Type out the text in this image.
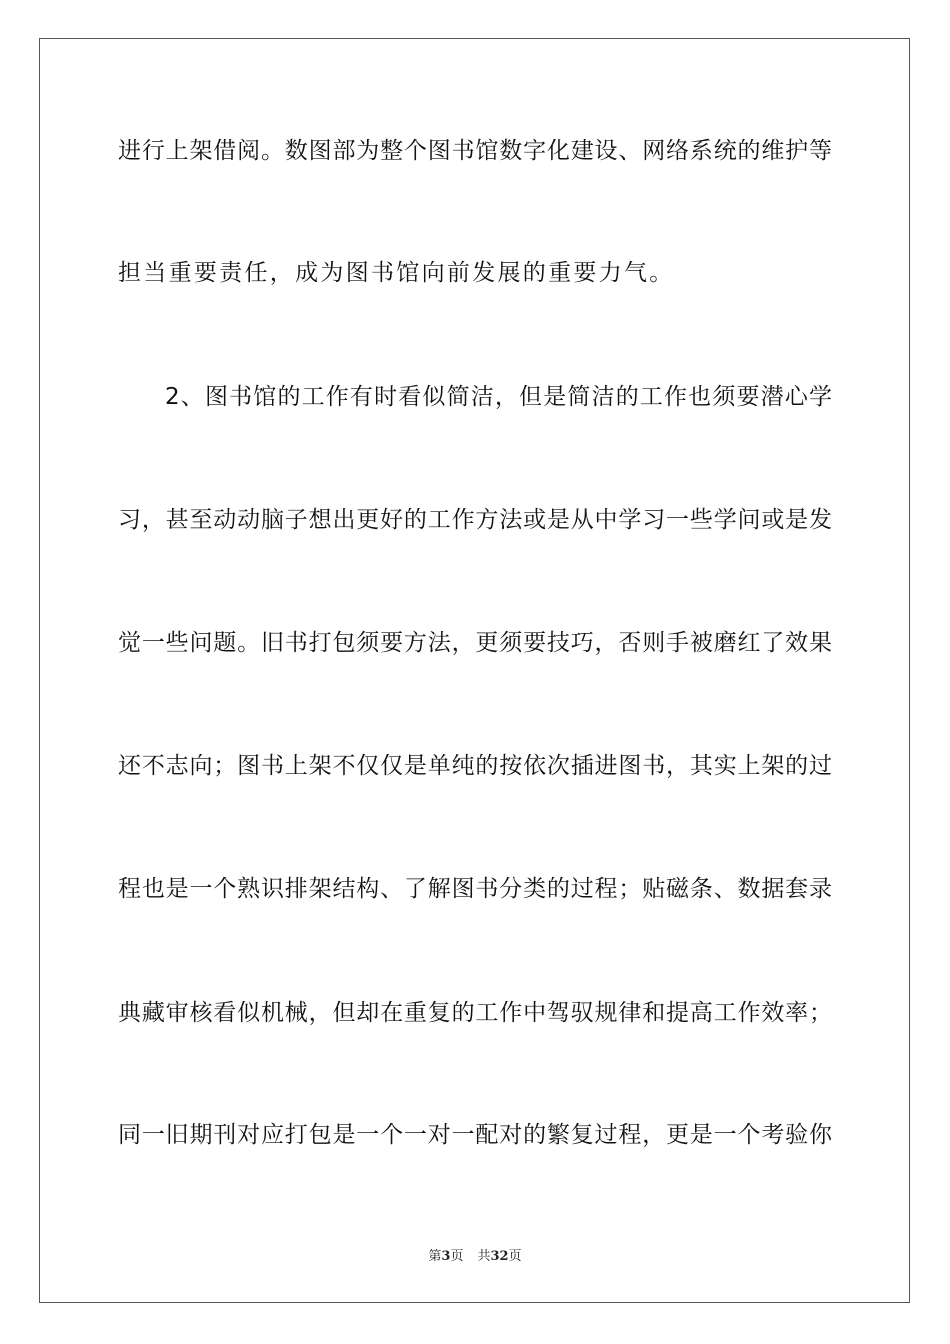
进行上架借阅。数图部为整个图书馆数字化建设、网络系统的维护等
担当重要责任，成为图书馆向前发展的重要力气。
2、图书馆的工作有时看似简洁，但是简洁的工作也须要潜心学
习，甚至动动脑子想出更好的工作方法或是从中学习一些学问或是发
觉一些问题。旧书打包须要方法，更须要技巧，否则手被磨红了效果
还不志向；图书上架不仅仅是单纯的按依次插进图书，其实上架的过
程也是一个熟识排架结构、了解图书分类的过程；贴磁条、数据套录
典藏审核看似机械，但却在重复的工作中驾驭规律和提高工作效率；
同一旧期刊对应打包是一个一对一配对的繁复过程，更是一个考验你
第3页 共32页
